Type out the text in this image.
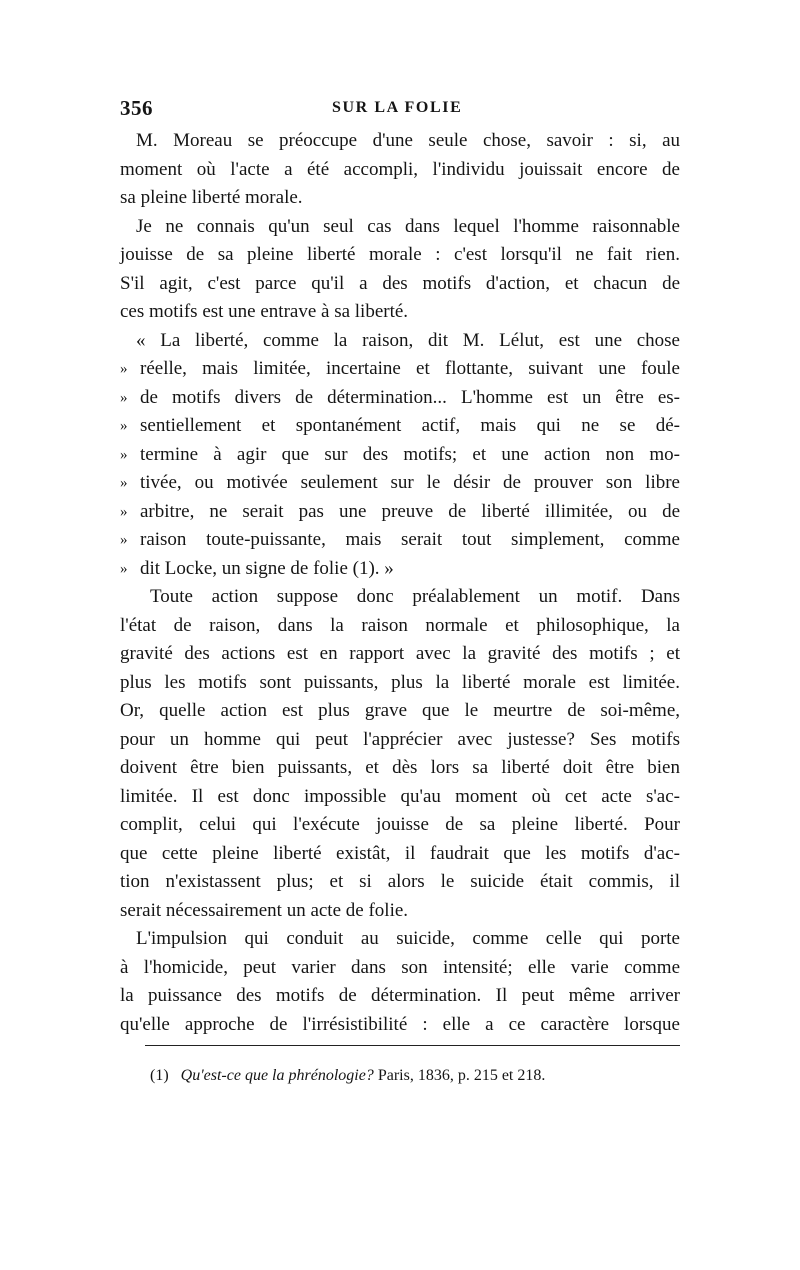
356	SUR LA FOLIE
M. Moreau se préoccupe d'une seule chose, savoir : si, au
moment où l'acte a été accompli, l'individu jouissait encore de
sa pleine liberté morale.
Je ne connais qu'un seul cas dans lequel l'homme raisonnable
jouisse de sa pleine liberté morale : c'est lorsqu'il ne fait rien.
S'il agit, c'est parce qu'il a des motifs d'action, et chacun de
ces motifs est une entrave à sa liberté.
« La liberté, comme la raison, dit M. Lélut, est une chose
» réelle, mais limitée, incertaine et flottante, suivant une foule
» de motifs divers de détermination... L'homme est un être es-
» sentiellement et spontanément actif, mais qui ne se dé-
» termine à agir que sur des motifs; et une action non mo-
» tivée, ou motivée seulement sur le désir de prouver son libre
» arbitre, ne serait pas une preuve de liberté illimitée, ou de
» raison toute-puissante, mais serait tout simplement, comme
» dit Locke, un signe de folie (1). »
Toute action suppose donc préalablement un motif. Dans
l'état de raison, dans la raison normale et philosophique, la
gravité des actions est en rapport avec la gravité des motifs ; et
plus les motifs sont puissants, plus la liberté morale est limitée.
Or, quelle action est plus grave que le meurtre de soi-même,
pour un homme qui peut l'apprécier avec justesse? Ses motifs
doivent être bien puissants, et dès lors sa liberté doit être bien
limitée. Il est donc impossible qu'au moment où cet acte s'ac-
complit, celui qui l'exécute jouisse de sa pleine liberté. Pour
que cette pleine liberté existât, il faudrait que les motifs d'ac-
tion n'existassent plus; et si alors le suicide était commis, il
serait nécessairement un acte de folie.
L'impulsion qui conduit au suicide, comme celle qui porte
à l'homicide, peut varier dans son intensité; elle varie comme
la puissance des motifs de détermination. Il peut même arriver
qu'elle approche de l'irrésistibilité : elle a ce caractère lorsque
(1) Qu'est-ce que la phrénologie? Paris, 1836, p. 215 et 218.
